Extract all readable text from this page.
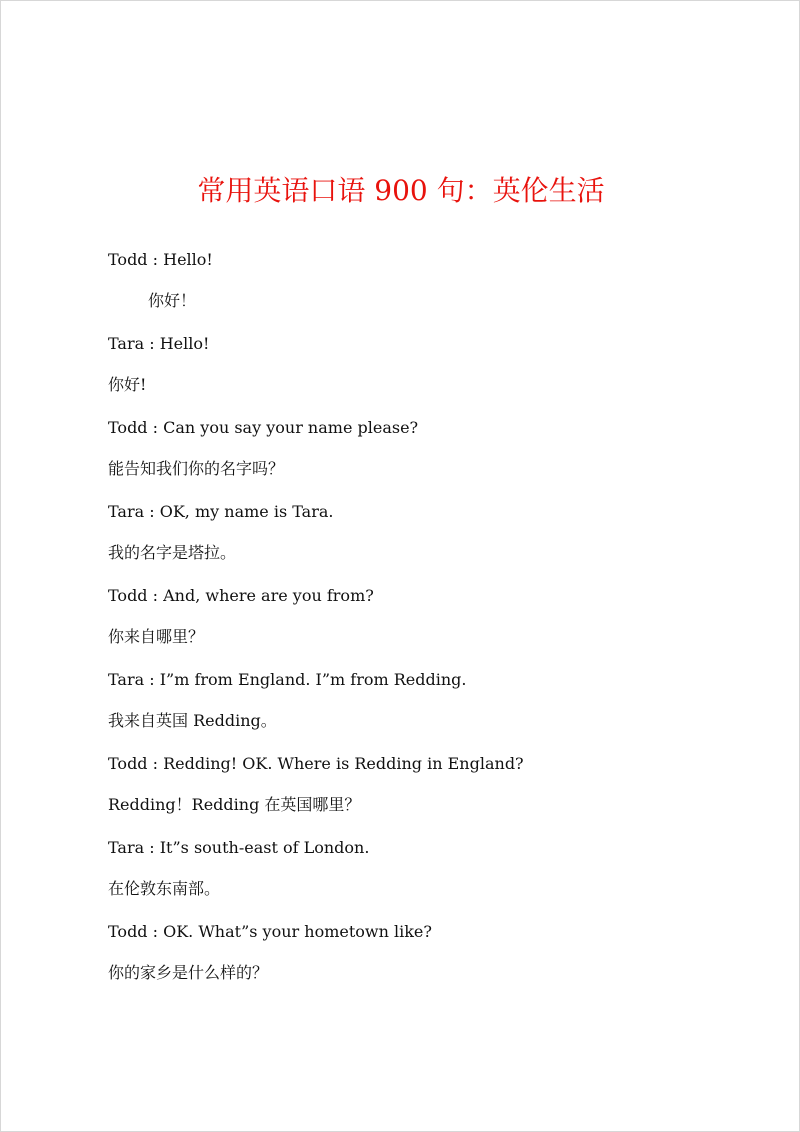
常用英语口语 900 句：英伦生活

Todd : Hello!

你好！

Tara : Hello!

你好!

Todd : Can you say your name please?

能告知我们你的名字吗？

Tara : OK, my name is Tara.

我的名字是塔拉。

Todd : And, where are you from?

你来自哪里？

Tara : I”m from England. I”m from Redding.

我来自英国 Redding。

Todd : Redding! OK. Where is Redding in England?

Redding！Redding 在英国哪里？

Tara : It”s south-east of London.

在伦敦东南部。

Todd : OK. What”s your hometown like?

你的家乡是什么样的？
